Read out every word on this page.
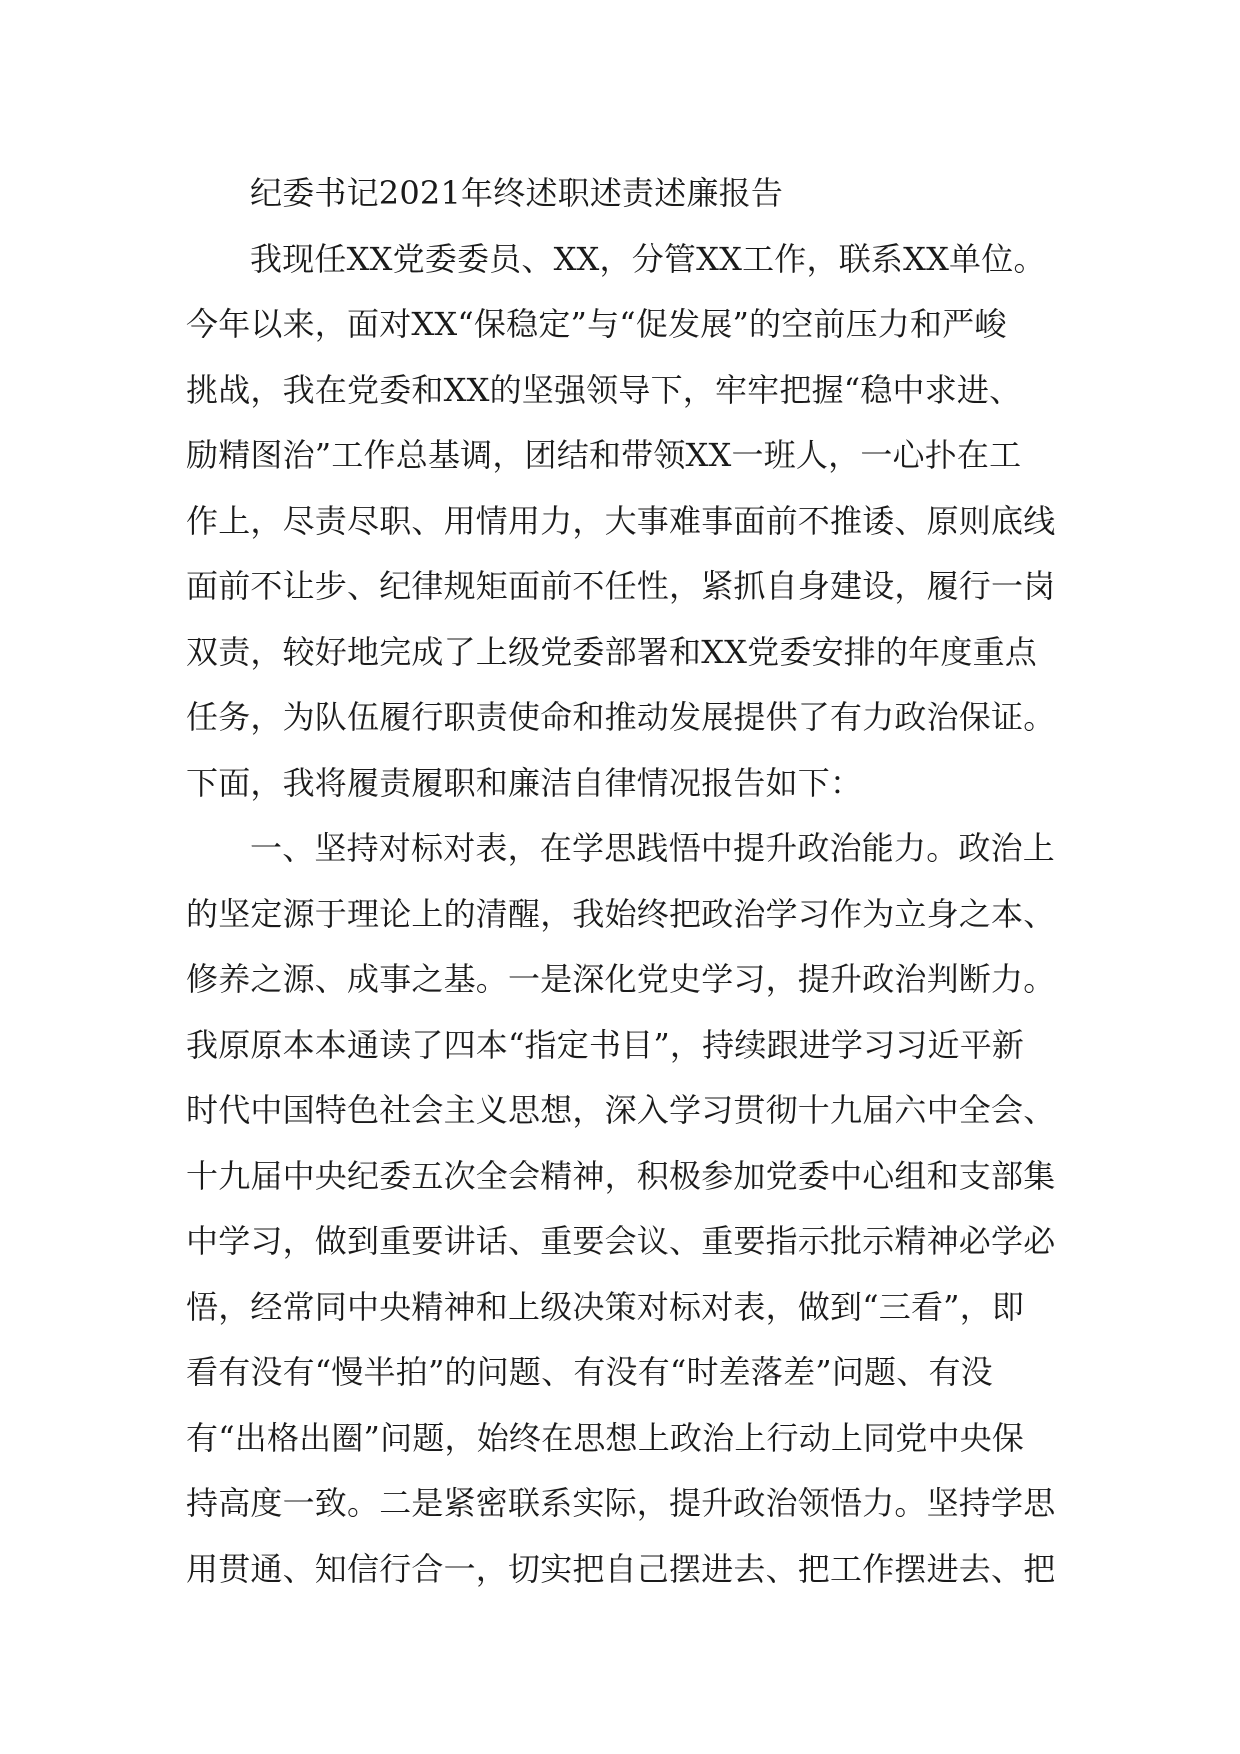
纪委书记2021年终述职述责述廉报告
我现任XX党委委员、XX，分管XX工作，联系XX单位。
今年以来，面对XX“保稳定”与“促发展”的空前压力和严峻
挑战，我在党委和XX的坚强领导下，牢牢把握“稳中求进、
励精图治”工作总基调，团结和带领XX一班人，一心扑在工
作上，尽责尽职、用情用力，大事难事面前不推诿、原则底线
面前不让步、纪律规矩面前不任性，紧抓自身建设，履行一岗
双责，较好地完成了上级党委部署和XX党委安排的年度重点
任务，为队伍履行职责使命和推动发展提供了有力政治保证。
下面，我将履责履职和廉洁自律情况报告如下：
一、坚持对标对表，在学思践悟中提升政治能力。政治上
的坚定源于理论上的清醒，我始终把政治学习作为立身之本、
修养之源、成事之基。一是深化党史学习，提升政治判断力。
我原原本本通读了四本“指定书目”，持续跟进学习习近平新
时代中国特色社会主义思想，深入学习贯彻十九届六中全会、
十九届中央纪委五次全会精神，积极参加党委中心组和支部集
中学习，做到重要讲话、重要会议、重要指示批示精神必学必
悟，经常同中央精神和上级决策对标对表，做到“三看”，即
看有没有“慢半拍”的问题、有没有“时差落差”问题、有没
有“出格出圈”问题，始终在思想上政治上行动上同党中央保
持高度一致。二是紧密联系实际，提升政治领悟力。坚持学思
用贯通、知信行合一，切实把自己摆进去、把工作摆进去、把
